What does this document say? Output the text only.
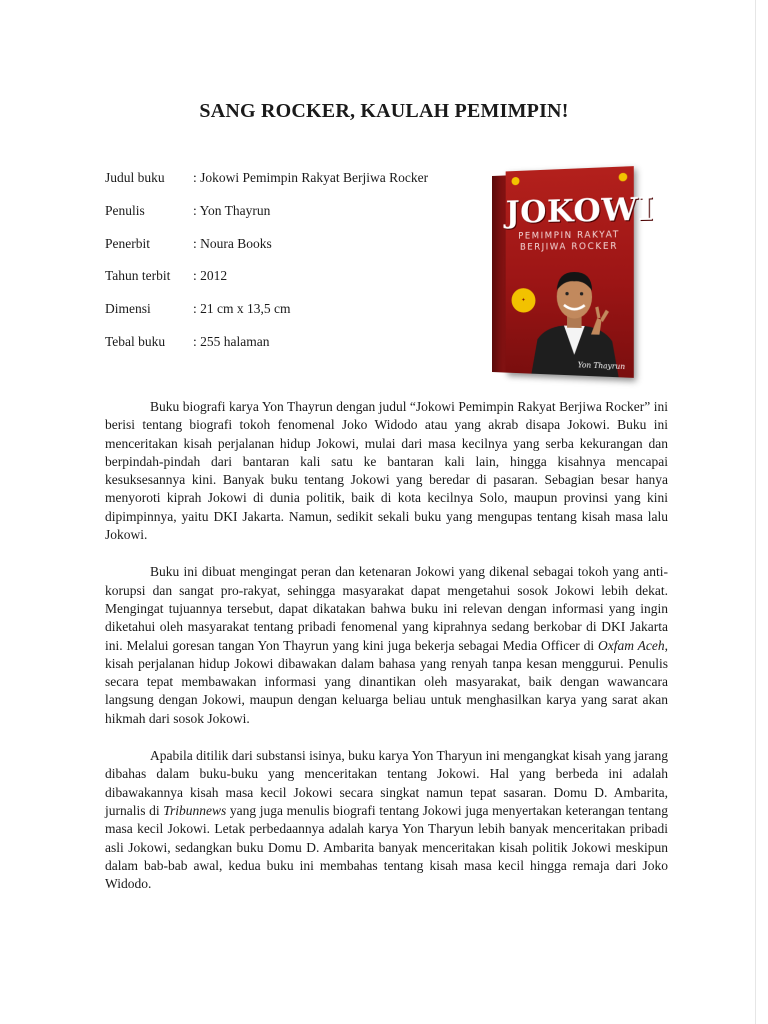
SANG ROCKER, KAULAH PEMIMPIN!
Judul buku	: Jokowi Pemimpin Rakyat Berjiwa Rocker
Penulis	: Yon Thayrun
Penerbit	: Noura Books
Tahun terbit	: 2012
Dimensi	: 21 cm x 13,5 cm
Tebal buku	: 255 halaman
JOKOWI
PEMIMPIN RAKYAT
BERJIWA ROCKER
✦
Yon Thayrun

Buku biografi karya Yon Thayrun dengan judul “Jokowi Pemimpin Rakyat Berjiwa Rocker” ini berisi tentang biografi tokoh fenomenal Joko Widodo atau yang akrab disapa Jokowi. Buku ini menceritakan kisah perjalanan hidup Jokowi, mulai dari masa kecilnya yang serba kekurangan dan berpindah-pindah dari bantaran kali satu ke bantaran kali lain, hingga kisahnya mencapai kesuksesannya kini. Banyak buku tentang Jokowi yang beredar di pasaran. Sebagian besar hanya menyoroti kiprah Jokowi di dunia politik, baik di kota kecilnya Solo, maupun provinsi yang kini dipimpinnya, yaitu DKI Jakarta. Namun, sedikit sekali buku yang mengupas tentang kisah masa lalu Jokowi.

Buku ini dibuat mengingat peran dan ketenaran Jokowi yang dikenal sebagai tokoh yang anti-korupsi dan sangat pro-rakyat, sehingga masyarakat dapat mengetahui sosok Jokowi lebih dekat. Mengingat tujuannya tersebut, dapat dikatakan bahwa buku ini relevan dengan informasi yang ingin diketahui oleh masyarakat tentang pribadi fenomenal yang kiprahnya sedang berkobar di DKI Jakarta ini. Melalui goresan tangan Yon Thayrun yang kini juga bekerja sebagai Media Officer di Oxfam Aceh, kisah perjalanan hidup Jokowi dibawakan dalam bahasa yang renyah tanpa kesan menggurui. Penulis secara tepat membawakan informasi yang dinantikan oleh masyarakat, baik dengan wawancara langsung dengan Jokowi, maupun dengan keluarga beliau untuk menghasilkan karya yang sarat akan hikmah dari sosok Jokowi.

Apabila ditilik dari substansi isinya, buku karya Yon Tharyun ini mengangkat kisah yang jarang dibahas dalam buku-buku yang menceritakan tentang Jokowi. Hal yang berbeda ini adalah dibawakannya kisah masa kecil Jokowi secara singkat namun tepat sasaran. Domu D. Ambarita, jurnalis di Tribunnews yang juga menulis biografi tentang Jokowi juga menyertakan keterangan tentang masa kecil Jokowi. Letak perbedaannya adalah karya Yon Tharyun lebih banyak menceritakan pribadi asli Jokowi, sedangkan buku Domu D. Ambarita banyak menceritakan kisah politik Jokowi meskipun dalam bab-bab awal, kedua buku ini membahas tentang kisah masa kecil hingga remaja dari Joko Widodo.
